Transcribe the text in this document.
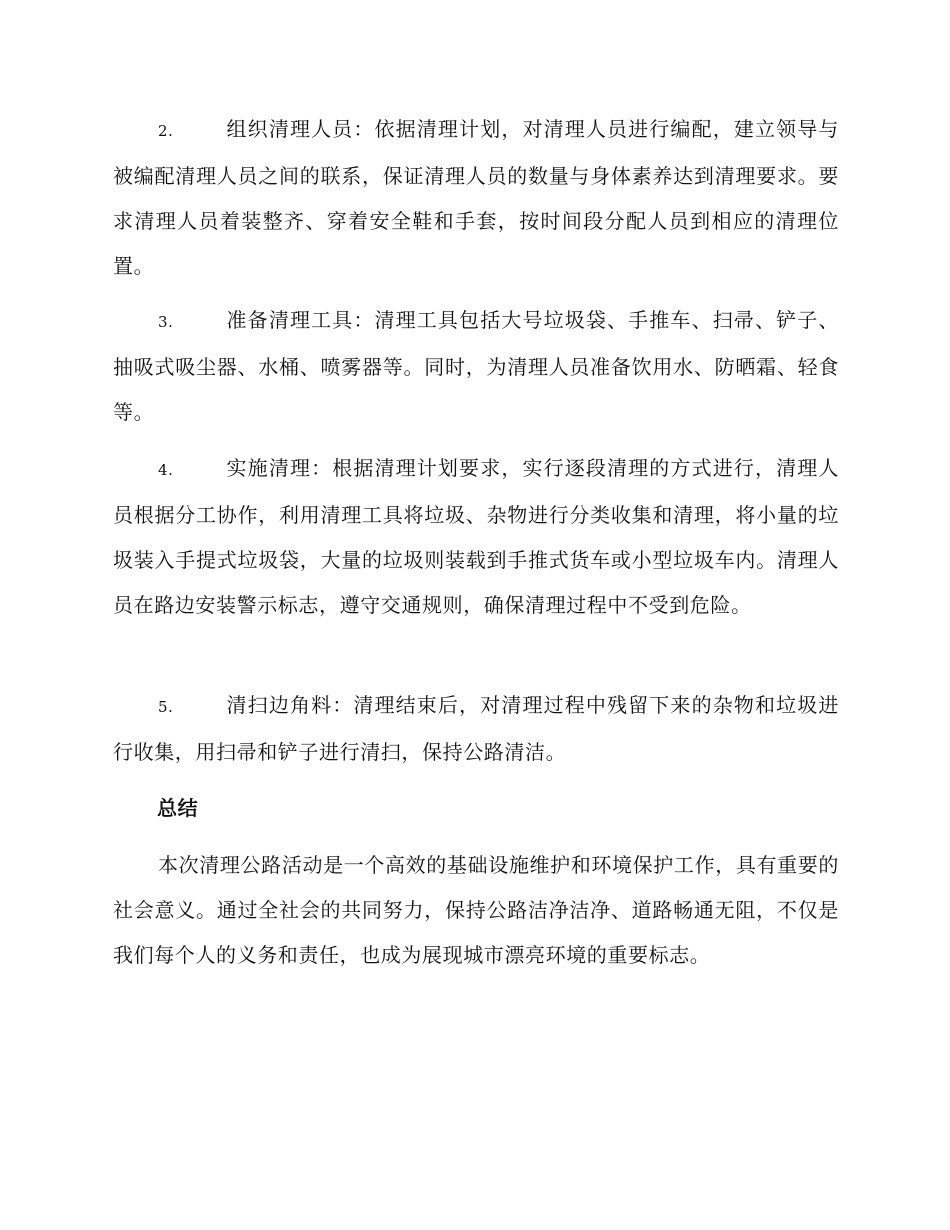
2.	组织清理人员：依据清理计划，对清理人员进行编配，建立领导与被编配清理人员之间的联系，保证清理人员的数量与身体素养达到清理要求。要求清理人员着装整齐、穿着安全鞋和手套，按时间段分配人员到相应的清理位置。
3.	准备清理工具：清理工具包括大号垃圾袋、手推车、扫帚、铲子、抽吸式吸尘器、水桶、喷雾器等。同时，为清理人员准备饮用水、防晒霜、轻食等。
4.	实施清理：根据清理计划要求，实行逐段清理的方式进行，清理人员根据分工协作，利用清理工具将垃圾、杂物进行分类收集和清理，将小量的垃圾装入手提式垃圾袋，大量的垃圾则装载到手推式货车或小型垃圾车内。清理人员在路边安装警示标志，遵守交通规则，确保清理过程中不受到危险。
5.	清扫边角料：清理结束后，对清理过程中残留下来的杂物和垃圾进行收集，用扫帚和铲子进行清扫，保持公路清洁。
总结
本次清理公路活动是一个高效的基础设施维护和环境保护工作，具有重要的社会意义。通过全社会的共同努力，保持公路洁净洁净、道路畅通无阻，不仅是我们每个人的义务和责任，也成为展现城市漂亮环境的重要标志。
